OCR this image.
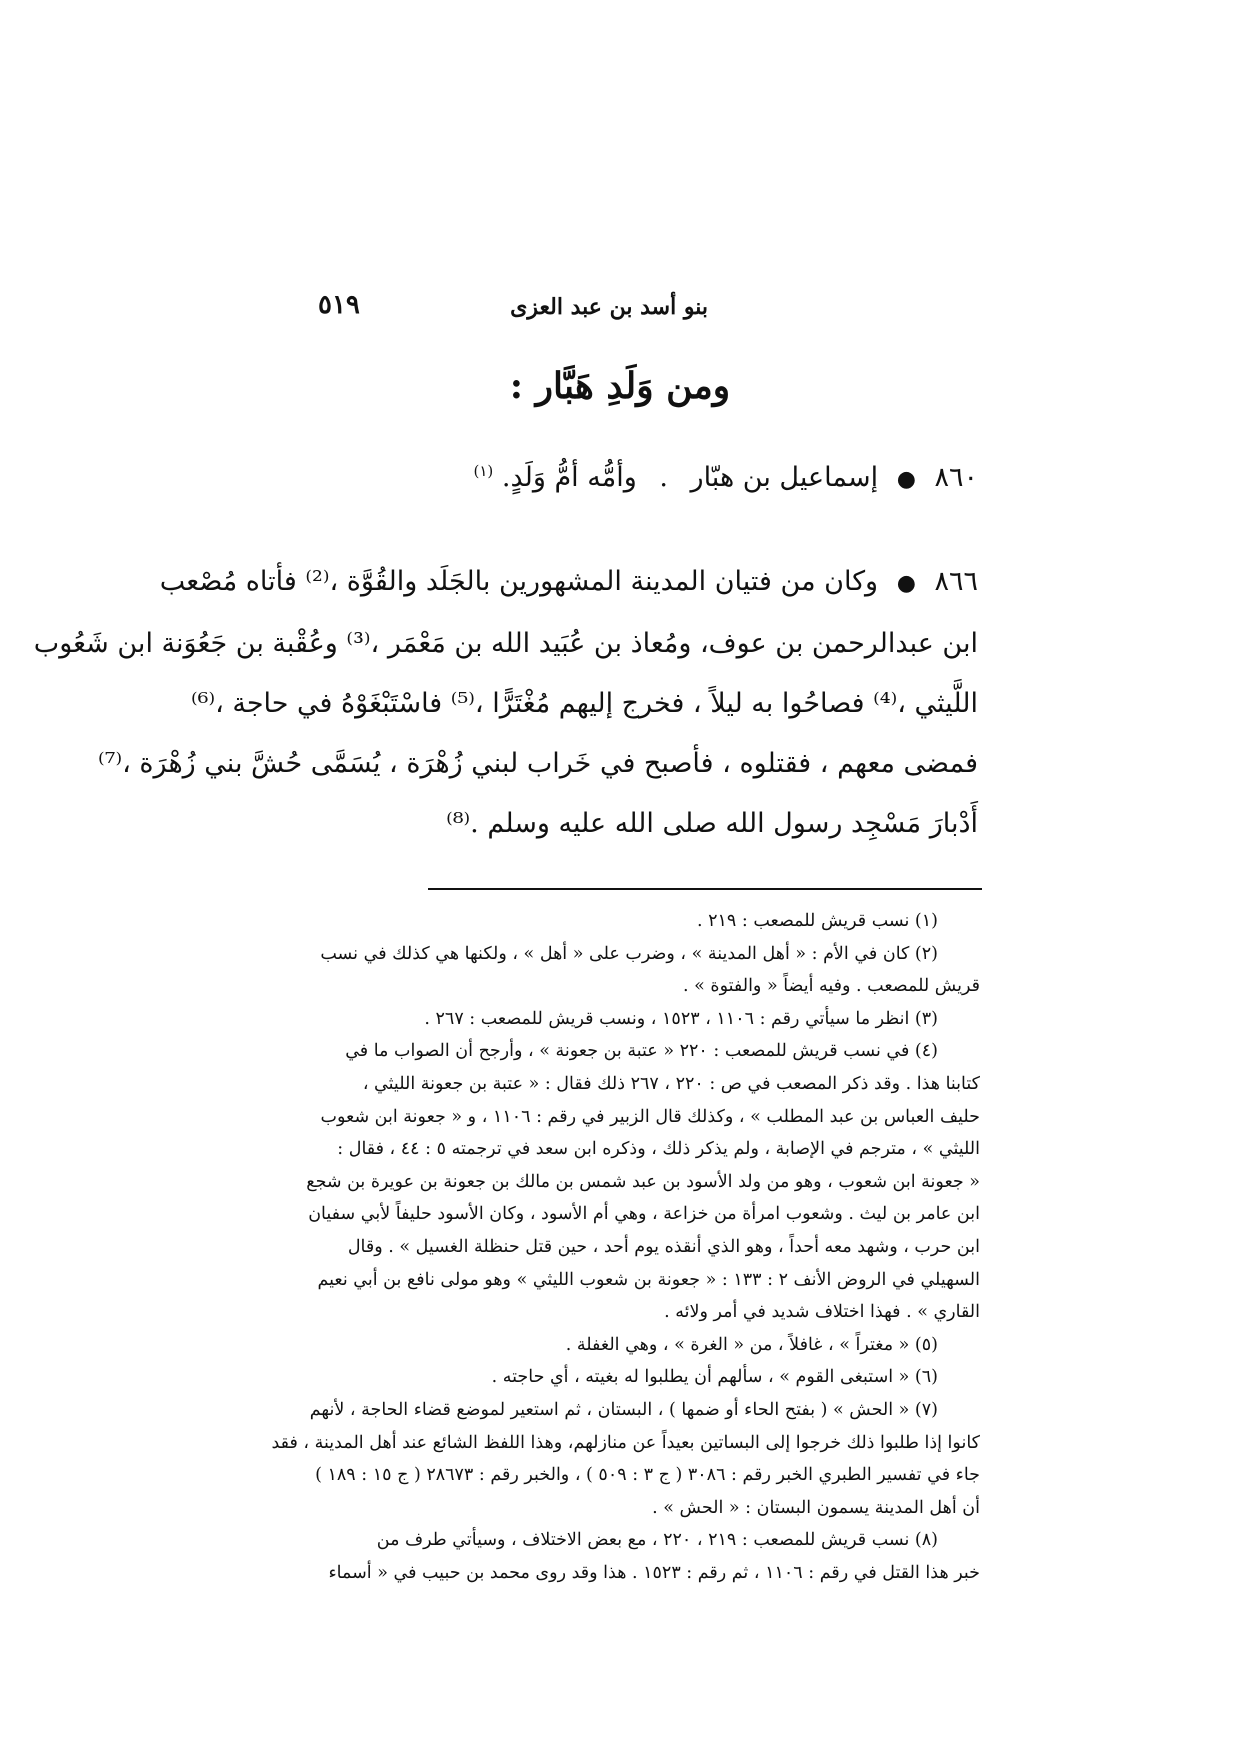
٥١٩	بنو أسد بن عبد العزى
ومن وَلَدِ هَبَّار :
٨٦٠ ● إسماعيل بن هبّار . وأمُّه أمُّ وَلَدٍ. $^{(١)}$
٨٦٦ ● وكان من فتيان المدينة المشهورين بالجَلَد والقُوَّة ،⁽²⁾ فأتاه مُصْعب
ابن عبدالرحمن بن عوف، ومُعاذ بن عُبَيد الله بن مَعْمَر ،⁽³⁾ وعُقْبة بن جَعُوَنة ابن شَعُوب
اللَّيثي ،⁽⁴⁾ فصاحُوا به ليلاً ، فخرج إليهم مُغْتَرًّا ،⁽⁵⁾ فاسْتَبْغَوْهُ في حاجة ،⁽⁶⁾
فمضى معهم ، فقتلوه ، فأصبح في خَراب لبني زُهْرَة ، يُسَمَّى حُشَّ بني زُهْرَة ،⁽⁷⁾
أَدْبارَ مَسْجِد رسول الله صلى الله عليه وسلم .⁽⁸⁾
(١) نسب قريش للمصعب : ٢١٩ .
(٢) كان في الأم : « أهل المدينة » ، وضرب على « أهل » ، ولكنها هي كذلك في نسب
قريش للمصعب . وفيه أيضاً « والفتوة » .
(٣) انظر ما سيأتي رقم : ١١٠٦ ، ١٥٢٣ ، ونسب قريش للمصعب : ٢٦٧ .
(٤) في نسب قريش للمصعب : ٢٢٠ « عتبة بن جعونة » ، وأرجح أن الصواب ما في
كتابنا هذا . وقد ذكر المصعب في ص : ٢٢٠ ، ٢٦٧ ذلك فقال : « عتبة بن جعونة الليثي ،
حليف العباس بن عبد المطلب » ، وكذلك قال الزبير في رقم : ١١٠٦ ، و « جعونة ابن شعوب
الليثي » ، مترجم في الإصابة ، ولم يذكر ذلك ، وذكره ابن سعد في ترجمته ٥ : ٤٤ ، فقال :
« جعونة ابن شعوب ، وهو من ولد الأسود بن عبد شمس بن مالك بن جعونة بن عويرة بن شجع
ابن عامر بن ليث . وشعوب امرأة من خزاعة ، وهي أم الأسود ، وكان الأسود حليفاً لأبي سفيان
ابن حرب ، وشهد معه أحداً ، وهو الذي أنقذه يوم أحد ، حين قتل حنظلة الغسيل » . وقال
السهيلي في الروض الأنف ٢ : ١٣٣ : « جعونة بن شعوب الليثي » وهو مولى نافع بن أبي نعيم
القاري » . فهذا اختلاف شديد في أمر ولائه .
(٥) « مغتراً » ، غافلاً ، من « الغرة » ، وهي الغفلة .
(٦) « استبغى القوم » ، سألهم أن يطلبوا له بغيته ، أي حاجته .
(٧) « الحش » ( بفتح الحاء أو ضمها ) ، البستان ، ثم استعير لموضع قضاء الحاجة ، لأنهم
كانوا إذا طلبوا ذلك خرجوا إلى البساتين بعيداً عن منازلهم، وهذا اللفظ الشائع عند أهل المدينة ، فقد
جاء في تفسير الطبري الخبر رقم : ٣٠٨٦ ( ج ٣ : ٥٠٩ ) ، والخبر رقم : ٢٨٦٧٣ ( ج ١٥ : ١٨٩ )
أن أهل المدينة يسمون البستان : « الحش » .
(٨) نسب قريش للمصعب : ٢١٩ ، ٢٢٠ ، مع بعض الاختلاف ، وسيأتي طرف من
خبر هذا القتل في رقم : ١١٠٦ ، ثم رقم : ١٥٢٣ . هذا وقد روى محمد بن حبيب في « أسماء
